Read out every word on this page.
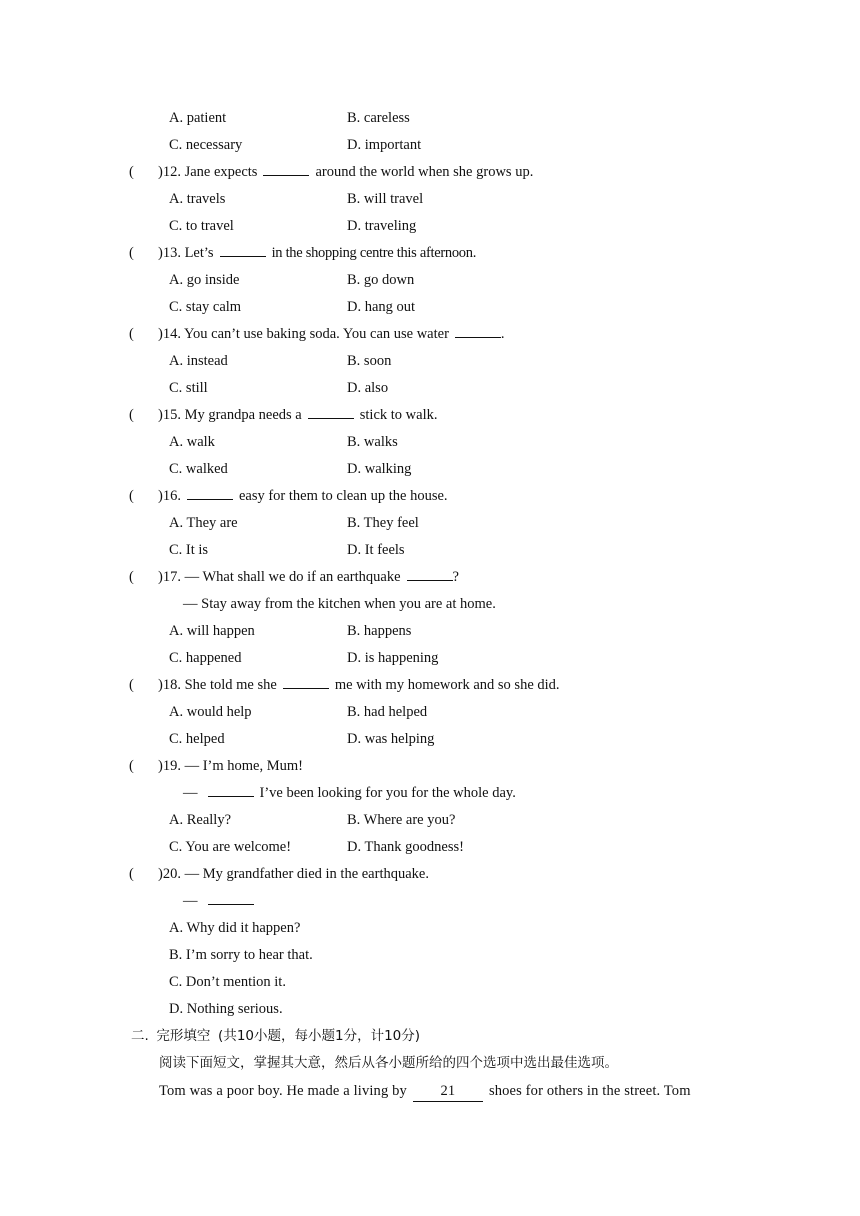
A. patient	B. careless
C. necessary	D. important
( )12. Jane expects	around the world when she grows up.
A. travels	B. will travel
C. to travel	D. traveling
( )13. Let’s	in the shopping centre this afternoon.
A. go inside	B. go down
C. stay calm	D. hang out
( )14. You can’t use baking soda. You can use water	.
A. instead	B. soon
C. still	D. also
( )15. My grandpa needs a	stick to walk.
A. walk	B. walks
C. walked	D. walking
( )16.	easy for them to clean up the house.
A. They are	B. They feel
C. It is	D. It feels
( )17. — What shall we do if an earthquake	?
— Stay away from the kitchen when you are at home.
A. will happen	B. happens
C. happened	D. is happening
( )18. She told me she	me with my homework and so she did.
A. would help	B. had helped
C. helped	D. was helping
( )19. — I’m home, Mum!
—	I’ve been looking for you for the whole day.
A. Really?	B. Where are you?
C. You are welcome!	D. Thank goodness!
( )20. — My grandfather died in the earthquake.
—
A. Why did it happen?
B. I’m sorry to hear that.
C. Don’t mention it.
D. Nothing serious.
二. 完形填空 (共10小题，每小题1分，计10分)
阅读下面短文，掌握其大意，然后从各小题所给的四个选项中选出最佳选项。
Tom was a poor boy. He made a living by 21 shoes for others in the street. Tom
